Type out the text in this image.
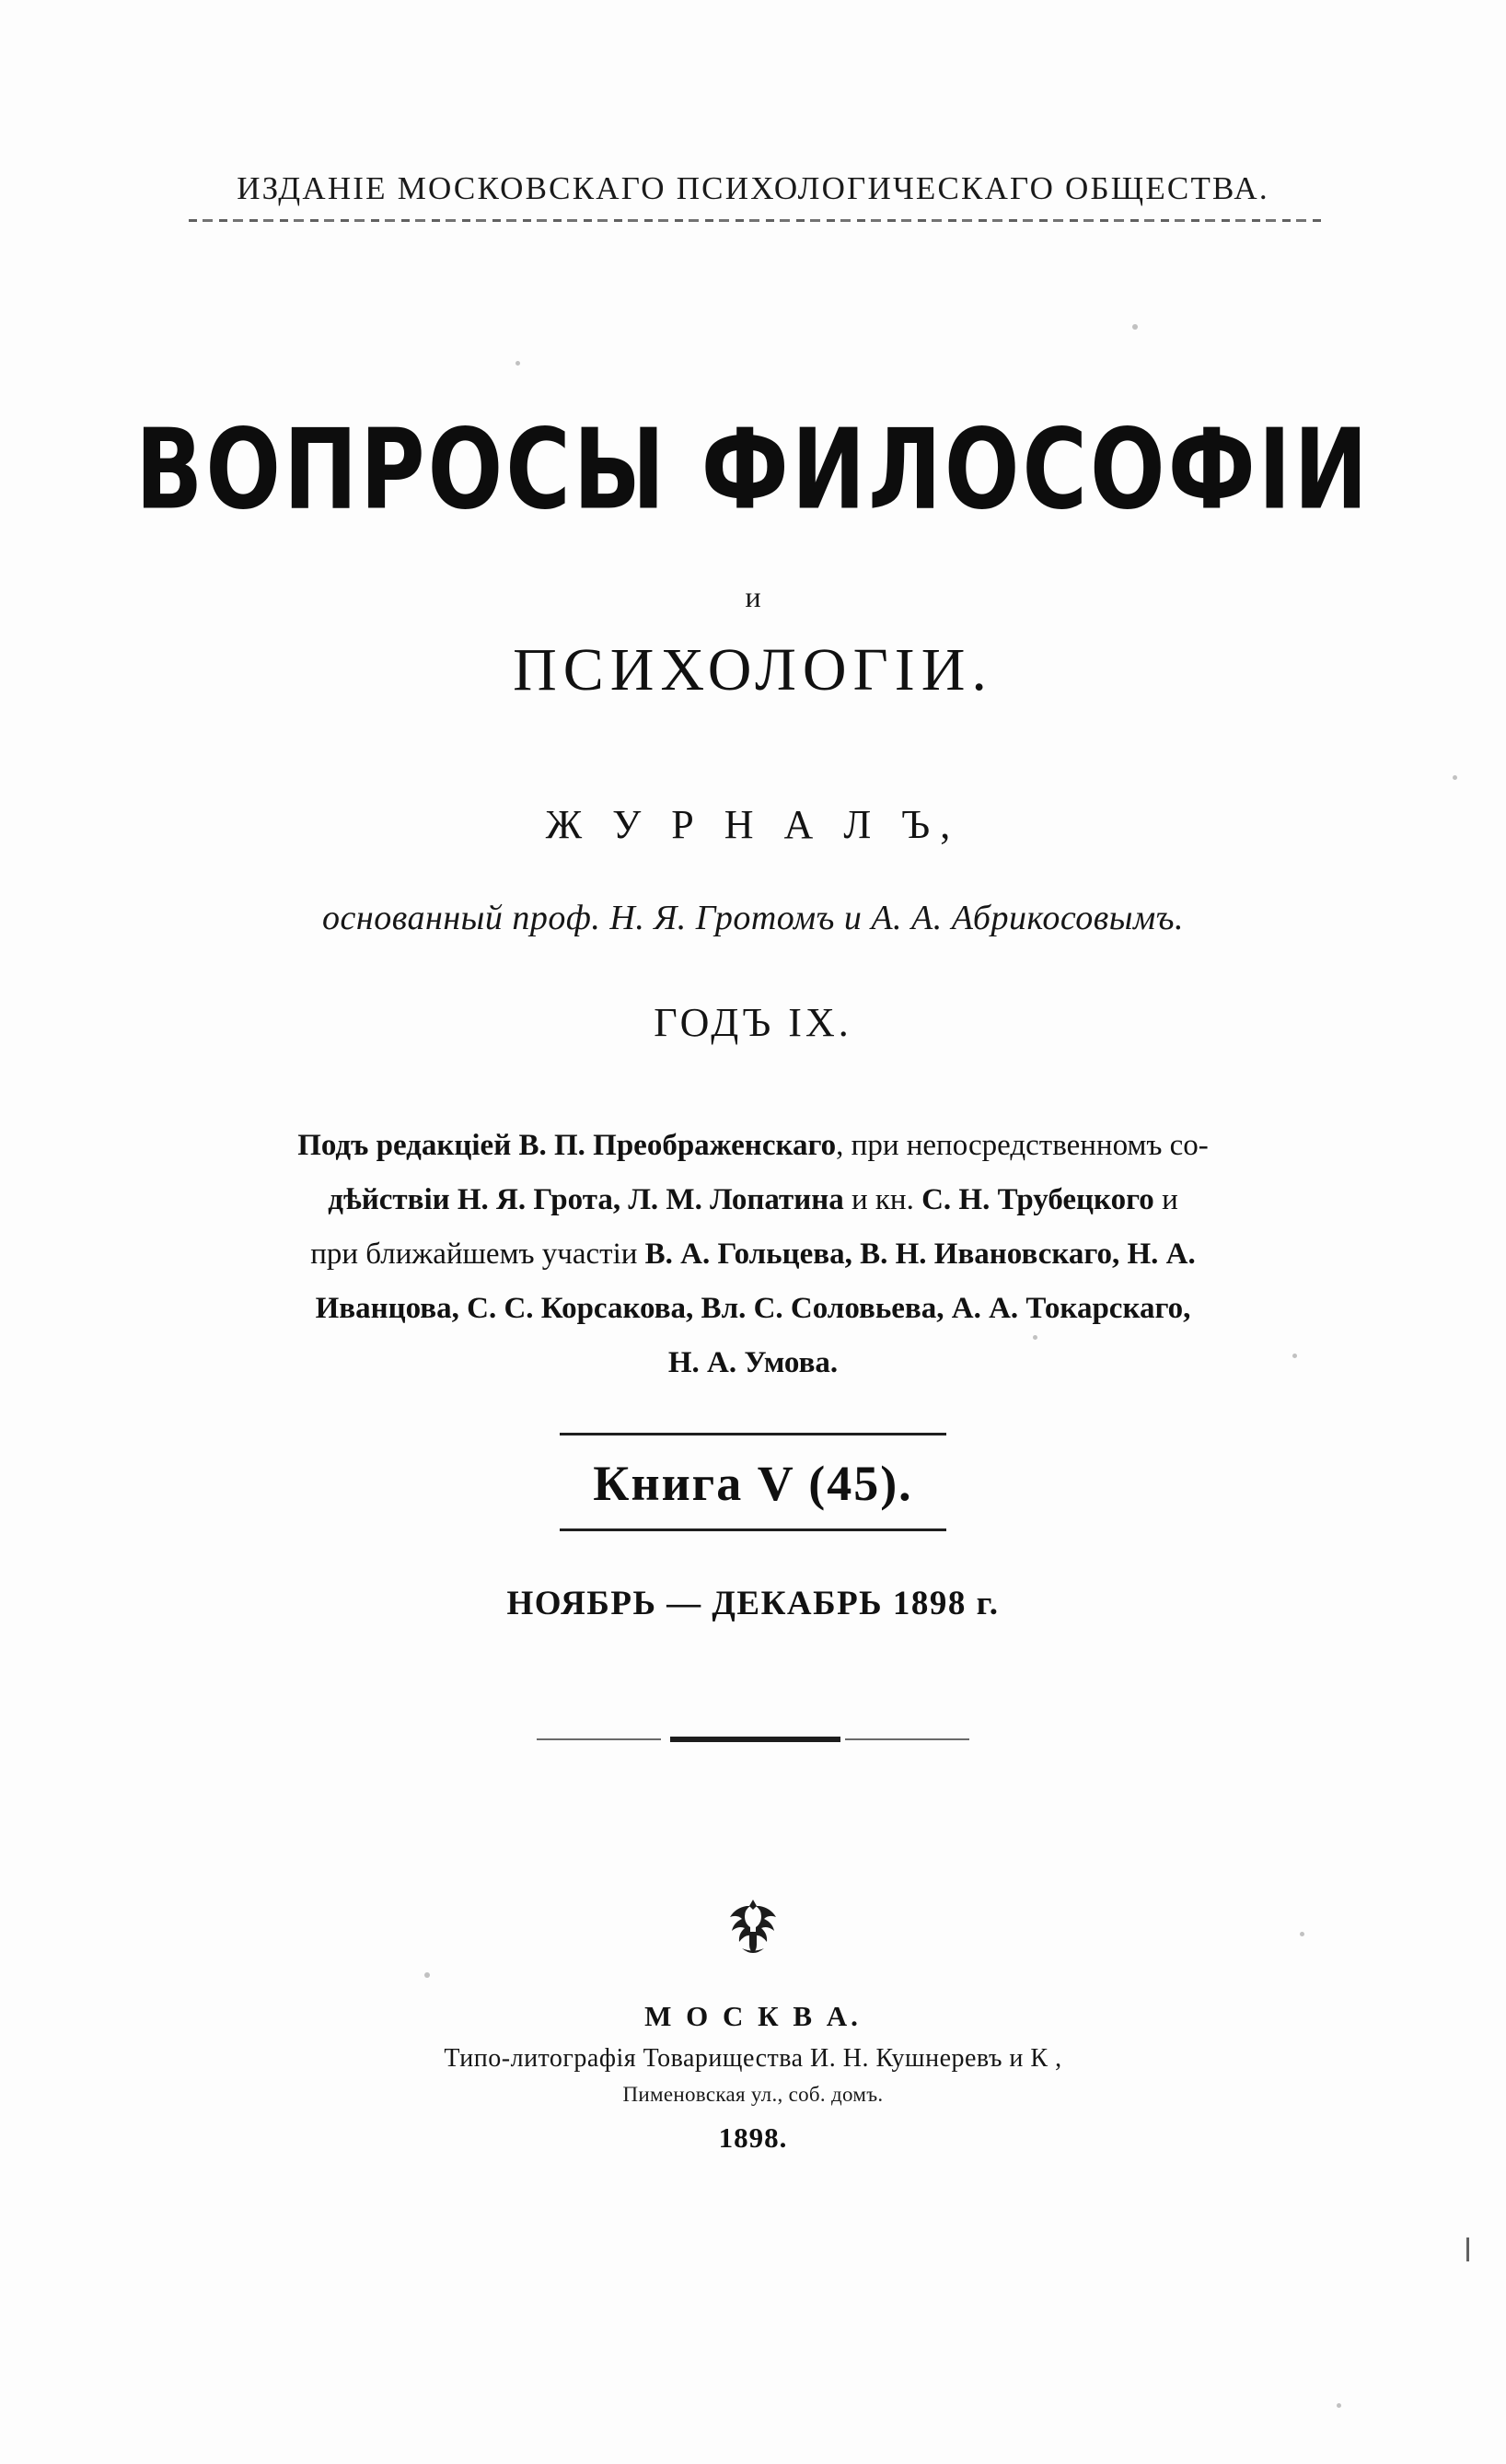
ИЗДАНІЕ МОСКОВСКАГО ПСИХОЛОГИЧЕСКАГО ОБЩЕСТВА.
ВОПРОСЫ ФИЛОСОФІИ
и
ПСИХОЛОГІИ.
Ж У Р Н А Л Ъ,
основанный проф. Н. Я. Гротомъ и А. А. Абрикосовымъ.
ГОДЪ IX.
Подъ редакціей В. П. Преображенскаго, при непосредственномъ со-
дѣйствіи Н. Я. Грота, Л. М. Лопатина и кн. С. Н. Трубецкого и
при ближайшемъ участіи В. А. Гольцева, В. Н. Ивановскаго, Н. А.
Иванцова, С. С. Корсакова, Вл. С. Соловьева, А. А. Токарскаго,
Н. А. Умова.
Книга V (45).
НОЯБРЬ — ДЕКАБРЬ 1898 г.
М О С К В А.
Типо-литографія Товарищества И. Н. Кушнеревъ и К ,
Пименовская ул., соб. домъ.
1898.
